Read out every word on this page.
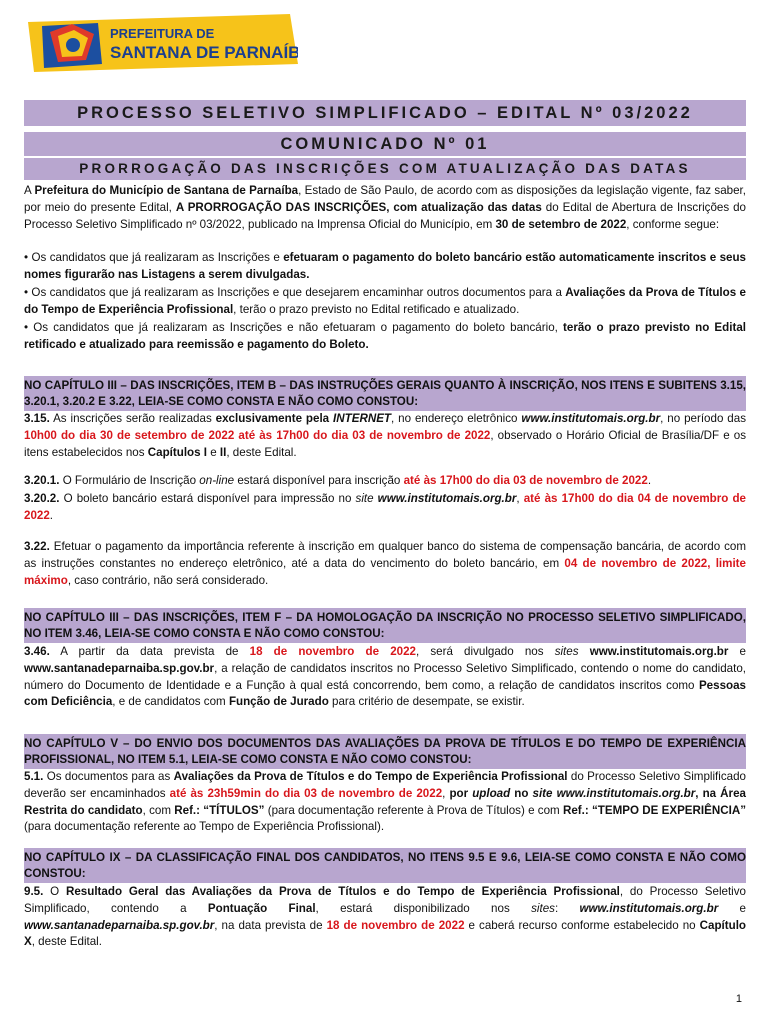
PREFEITURA DE
SANTANA DE PARNAÍBA
PROCESSO SELETIVO SIMPLIFICADO – EDITAL Nº 03/2022
COMUNICADO Nº 01
PRORROGAÇÃO DAS INSCRIÇÕES COM ATUALIZAÇÃO DAS DATAS

A Prefeitura do Município de Santana de Parnaíba, Estado de São Paulo, de acordo com as disposições da legislação vigente, faz saber, por meio do presente Edital, A PRORROGAÇÃO DAS INSCRIÇÕES, com atualização das datas do Edital de Abertura de Inscrições do Processo Seletivo Simplificado nº 03/2022, publicado na Imprensa Oficial do Município, em 30 de setembro de 2022, conforme segue:

• Os candidatos que já realizaram as Inscrições e efetuaram o pagamento do boleto bancário estão automaticamente inscritos e seus nomes figurarão nas Listagens a serem divulgadas.

• Os candidatos que já realizaram as Inscrições e que desejarem encaminhar outros documentos para a Avaliações da Prova de Títulos e do Tempo de Experiência Profissional, terão o prazo previsto no Edital retificado e atualizado.

• Os candidatos que já realizaram as Inscrições e não efetuaram o pagamento do boleto bancário, terão o prazo previsto no Edital retificado e atualizado para reemissão e pagamento do Boleto.

NO CAPÍTULO III – DAS INSCRIÇÕES, ITEM B – DAS INSTRUÇÕES GERAIS QUANTO À INSCRIÇÃO, NOS ITENS E SUBITENS 3.15, 3.20.1, 3.20.2 E 3.22, LEIA-SE COMO CONSTA E NÃO COMO CONSTOU:

3.15. As inscrições serão realizadas exclusivamente pela INTERNET, no endereço eletrônico www.institutomais.org.br, no período das 10h00 do dia 30 de setembro de 2022 até às 17h00 do dia 03 de novembro de 2022, observado o Horário Oficial de Brasília/DF e os itens estabelecidos nos Capítulos I e II, deste Edital.

3.20.1. O Formulário de Inscrição on-line estará disponível para inscrição até às 17h00 do dia 03 de novembro de 2022.

3.20.2. O boleto bancário estará disponível para impressão no site www.institutomais.org.br, até às 17h00 do dia 04 de novembro de 2022.

3.22. Efetuar o pagamento da importância referente à inscrição em qualquer banco do sistema de compensação bancária, de acordo com as instruções constantes no endereço eletrônico, até a data do vencimento do boleto bancário, em 04 de novembro de 2022, limite máximo, caso contrário, não será considerado.

NO CAPÍTULO III – DAS INSCRIÇÕES, ITEM F – DA HOMOLOGAÇÃO DA INSCRIÇÃO NO PROCESSO SELETIVO SIMPLIFICADO, NO ITEM 3.46, LEIA-SE COMO CONSTA E NÃO COMO CONSTOU:

3.46. A partir da data prevista de 18 de novembro de 2022, será divulgado nos sites www.institutomais.org.br e www.santanadeparnaiba.sp.gov.br, a relação de candidatos inscritos no Processo Seletivo Simplificado, contendo o nome do candidato, número do Documento de Identidade e a Função à qual está concorrendo, bem como, a relação de candidatos inscritos como Pessoas com Deficiência, e de candidatos com Função de Jurado para critério de desempate, se existir.

NO CAPÍTULO V – DO ENVIO DOS DOCUMENTOS DAS AVALIAÇÕES DA PROVA DE TÍTULOS E DO TEMPO DE EXPERIÊNCIA PROFISSIONAL, NO ITEM 5.1, LEIA-SE COMO CONSTA E NÃO COMO CONSTOU:

5.1. Os documentos para as Avaliações da Prova de Títulos e do Tempo de Experiência Profissional do Processo Seletivo Simplificado deverão ser encaminhados até às 23h59min do dia 03 de novembro de 2022, por upload no site www.institutomais.org.br, na Área Restrita do candidato, com Ref.: “TÍTULOS” (para documentação referente à Prova de Títulos) e com Ref.: “TEMPO DE EXPERIÊNCIA” (para documentação referente ao Tempo de Experiência Profissional).

NO CAPÍTULO IX – DA CLASSIFICAÇÃO FINAL DOS CANDIDATOS, NO ITENS 9.5 E 9.6, LEIA-SE COMO CONSTA E NÃO COMO CONSTOU:

9.5. O Resultado Geral das Avaliações da Prova de Títulos e do Tempo de Experiência Profissional, do Processo Seletivo Simplificado, contendo a Pontuação Final, estará disponibilizado nos sites: www.institutomais.org.br e www.santanadeparnaiba.sp.gov.br, na data prevista de 18 de novembro de 2022 e caberá recurso conforme estabelecido no Capítulo X, deste Edital.

1
